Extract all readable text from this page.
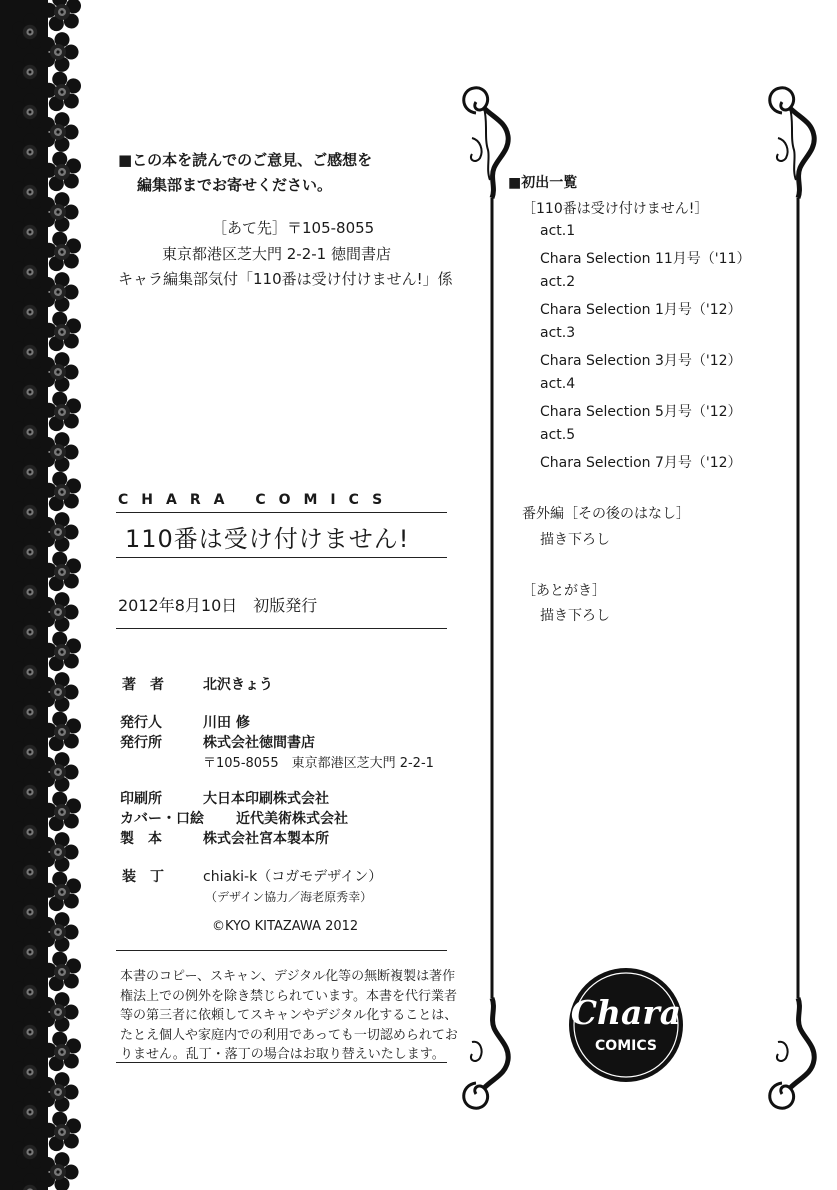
■この本を読んでのご意見、ご感想を
編集部までお寄せください。
［あて先］〒105-8055
東京都港区芝大門 2-2-1 徳間書店
キャラ編集部気付「110番は受け付けません!」係
CHARA COMICS
110番は受け付けません!
2012年8月10日　初版発行
著　者	北沢きょう
発行人	川田 修
発行所	株式会社徳間書店
〒105-8055　東京都港区芝大門 2-2-1
印刷所	大日本印刷株式会社
カバー・口絵 近代美術株式会社
製　本	株式会社宮本製本所
装　丁	chiaki-k（コガモデザイン）
（デザイン協力／海老原秀幸）
©KYO KITAZAWA 2012
本書のコピー、スキャン、デジタル化等の無断複製は著作権法上での例外を除き禁じられています。本書を代行業者等の第三者に依頼してスキャンやデジタル化することは、たとえ個人や家庭内での利用であっても一切認められておりません。乱丁・落丁の場合はお取り替えいたします。
■初出一覧
［110番は受け付けません!］
act.1
Chara Selection 11月号（'11）
act.2
Chara Selection 1月号（'12）
act.3
Chara Selection 3月号（'12）
act.4
Chara Selection 5月号（'12）
act.5
Chara Selection 7月号（'12）
番外編［その後のはなし］
描き下ろし
［あとがき］
描き下ろし
Chara
COMICS
